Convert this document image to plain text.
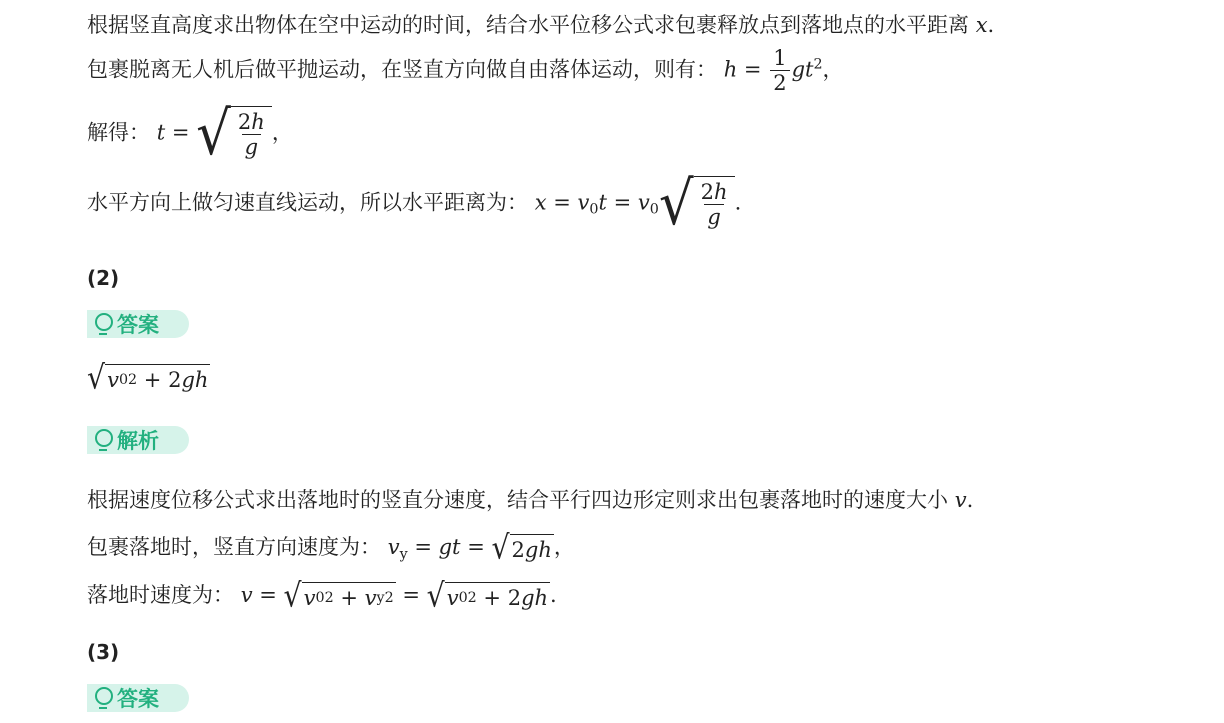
根据竖直高度求出物体在空中运动的时间，结合水平位移公式求包裹释放点到落地点的水平距离 x.
包裹脱离无人机后做平抛运动，在竖直方向做自由落体运动，则有： $h = \frac{1}{2} gt^2$，
解得： t = √ $\frac{2h}{g}$ ，
水平方向上做匀速直线运动，所以水平距离为： $x = v_0t = v_0$ √ $\frac{2h}{g}$ .
(2)
答案
√ v 0 2
+
2 gh
解析
根据速度位移公式求出落地时的竖直分速度，结合平行四边形定则求出包裹落地时的速度大小 v.
包裹落地时，竖直方向速度为： $v_y$ = gt = √ 2 gh ，
落地时速度为： v = √ v 0 2
+
v y 2 = √ v 0 2
+
2 gh .
(3)
答案
